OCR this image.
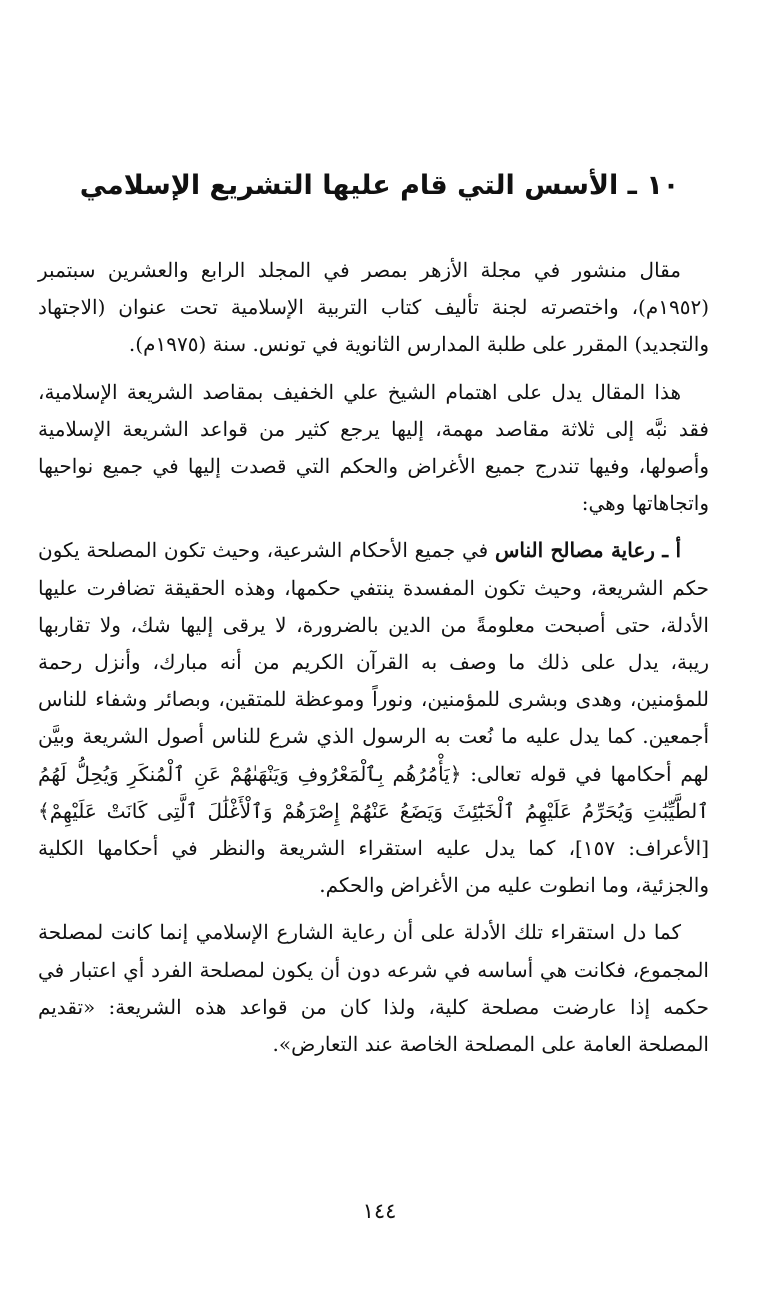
١٠ ـ الأسس التي قام عليها التشريع الإسلامي

مقال منشور في مجلة الأزهر بمصر في المجلد الرابع والعشرين سبتمبر (١٩٥٢م)، واختصرته لجنة تأليف كتاب التربية الإسلامية تحت عنوان (الاجتهاد والتجديد) المقرر على طلبة المدارس الثانوية في تونس. سنة (١٩٧٥م).

هذا المقال يدل على اهتمام الشيخ علي الخفيف بمقاصد الشريعة الإسلامية، فقد نبَّه إلى ثلاثة مقاصد مهمة، إليها يرجع كثير من قواعد الشريعة الإسلامية وأصولها، وفيها تندرج جميع الأغراض والحكم التي قصدت إليها في جميع نواحيها واتجاهاتها وهي:

أ ـ رعاية مصالح الناس في جميع الأحكام الشرعية، وحيث تكون المصلحة يكون حكم الشريعة، وحيث تكون المفسدة ينتفي حكمها، وهذه الحقيقة تضافرت عليها الأدلة، حتى أصبحت معلومةً من الدين بالضرورة، لا يرقى إليها شك، ولا تقاربها ريبة، يدل على ذلك ما وصف به القرآن الكريم من أنه مبارك، وأنزل رحمة للمؤمنين، وهدى وبشرى للمؤمنين، ونوراً وموعظة للمتقين، وبصائر وشفاء للناس أجمعين. كما يدل عليه ما نُعت به الرسول الذي شرع للناس أصول الشريعة وبيَّن لهم أحكامها في قوله تعالى: ﴿يَأْمُرُهُم بِٱلْمَعْرُوفِ وَيَنْهَىٰهُمْ عَنِ ٱلْمُنكَرِ وَيُحِلُّ لَهُمُ ٱلطَّيِّبَٰتِ وَيُحَرِّمُ عَلَيْهِمُ ٱلْخَبَٰٓئِثَ وَيَضَعُ عَنْهُمْ إِصْرَهُمْ وَٱلْأَغْلَٰلَ ٱلَّتِى كَانَتْ عَلَيْهِمْ﴾ [الأعراف: ١٥٧]، كما يدل عليه استقراء الشريعة والنظر في أحكامها الكلية والجزئية، وما انطوت عليه من الأغراض والحكم.

كما دل استقراء تلك الأدلة على أن رعاية الشارع الإسلامي إنما كانت لمصلحة المجموع، فكانت هي أساسه في شرعه دون أن يكون لمصلحة الفرد أي اعتبار في حكمه إذا عارضت مصلحة كلية، ولذا كان من قواعد هذه الشريعة: «تقديم المصلحة العامة على المصلحة الخاصة عند التعارض».

١٤٤
